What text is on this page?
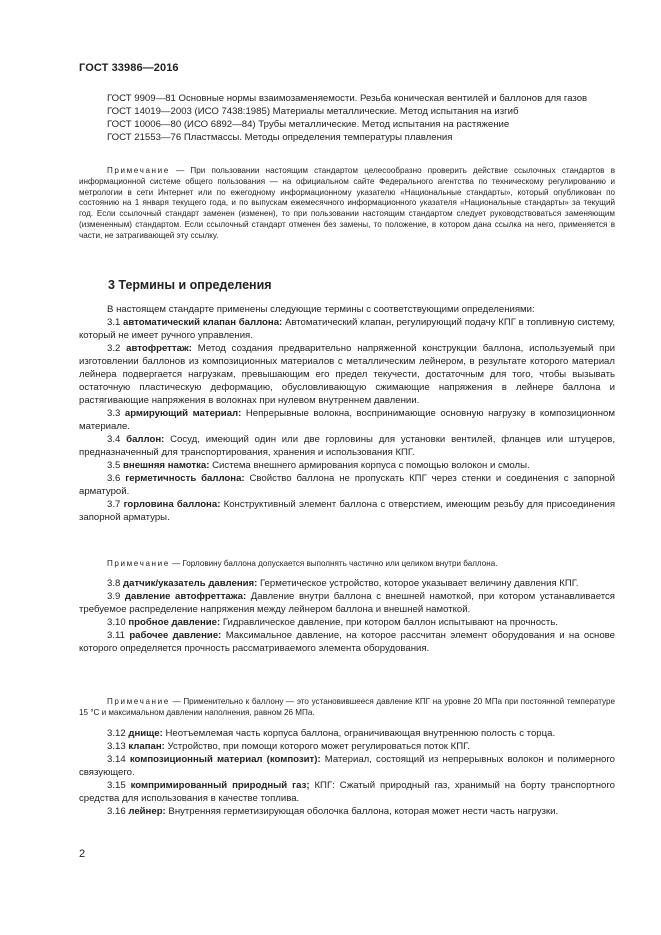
ГОСТ 33986—2016
ГОСТ 9909—81 Основные нормы взаимозаменяемости. Резьба коническая вентилей и баллонов для газов
ГОСТ 14019—2003 (ИСО 7438:1985) Материалы металлические. Метод испытания на изгиб
ГОСТ 10006—80 (ИСО 6892—84) Трубы металлические. Метод испытания на растяжение
ГОСТ 21553—76 Пластмассы. Методы определения температуры плавления
Примечание — При пользовании настоящим стандартом целесообразно проверить действие ссылочных стандартов в информационной системе общего пользования — на официальном сайте Федерального агентства по техническому регулированию и метрологии в сети Интернет или по ежегодному информационному указателю «Национальные стандарты», который опубликован по состоянию на 1 января текущего года, и по выпускам ежемесячного информационного указателя «Национальные стандарты» за текущий год. Если ссылочный стандарт заменен (изменен), то при пользовании настоящим стандартом следует руководствоваться заменяющим (измененным) стандартом. Если ссылочный стандарт отменен без замены, то положение, в котором дана ссылка на него, применяется в части, не затрагивающей эту ссылку.
3 Термины и определения

В настоящем стандарте применены следующие термины с соответствующими определениями:

3.1 автоматический клапан баллона: Автоматический клапан, регулирующий подачу КПГ в топливную систему, который не имеет ручного управления.

3.2 автофреттаж: Метод создания предварительно напряженной конструкции баллона, используемый при изготовлении баллонов из композиционных материалов с металлическим лейнером, в результате которого материал лейнера подвергается нагрузкам, превышающим его предел текучести, достаточным для того, чтобы вызывать остаточную пластическую деформацию, обусловливающую сжимающие напряжения в лейнере баллона и растягивающие напряжения в волокнах при нулевом внутреннем давлении.

3.3 армирующий материал: Непрерывные волокна, воспринимающие основную нагрузку в композиционном материале.

3.4 баллон: Сосуд, имеющий один или две горловины для установки вентилей, фланцев или штуцеров, предназначенный для транспортирования, хранения и использования КПГ.

3.5 внешняя намотка: Система внешнего армирования корпуса с помощью волокон и смолы.

3.6 герметичность баллона: Свойство баллона не пропускать КПГ через стенки и соединения с запорной арматурой.

3.7 горловина баллона: Конструктивный элемент баллона с отверстием, имеющим резьбу для присоединения запорной арматуры.

Примечание — Горловину баллона допускается выполнять частично или целиком внутри баллона.

3.8 датчик/указатель давления: Герметическое устройство, которое указывает величину давления КПГ.

3.9 давление автофреттажа: Давление внутри баллона с внешней намоткой, при котором устанавливается требуемое распределение напряжения между лейнером баллона и внешней намоткой.

3.10 пробное давление: Гидравлическое давление, при котором баллон испытывают на прочность.

3.11 рабочее давление: Максимальное давление, на которое рассчитан элемент оборудования и на основе которого определяется прочность рассматриваемого элемента оборудования.

Примечание — Применительно к баллону — это установившееся давление КПГ на уровне 20 МПа при постоянной температуре 15 °С и максимальном давлении наполнения, равном 26 МПа.

3.12 днище: Неотъемлемая часть корпуса баллона, ограничивающая внутреннюю полость с торца.

3.13 клапан: Устройство, при помощи которого может регулироваться поток КПГ.

3.14 композиционный материал (композит): Материал, состоящий из непрерывных волокон и полимерного связующего.

3.15 компримированный природный газ; КПГ: Сжатый природный газ, хранимый на борту транспортного средства для использования в качестве топлива.

3.16 лейнер: Внутренняя герметизирующая оболочка баллона, которая может нести часть нагрузки.

2
